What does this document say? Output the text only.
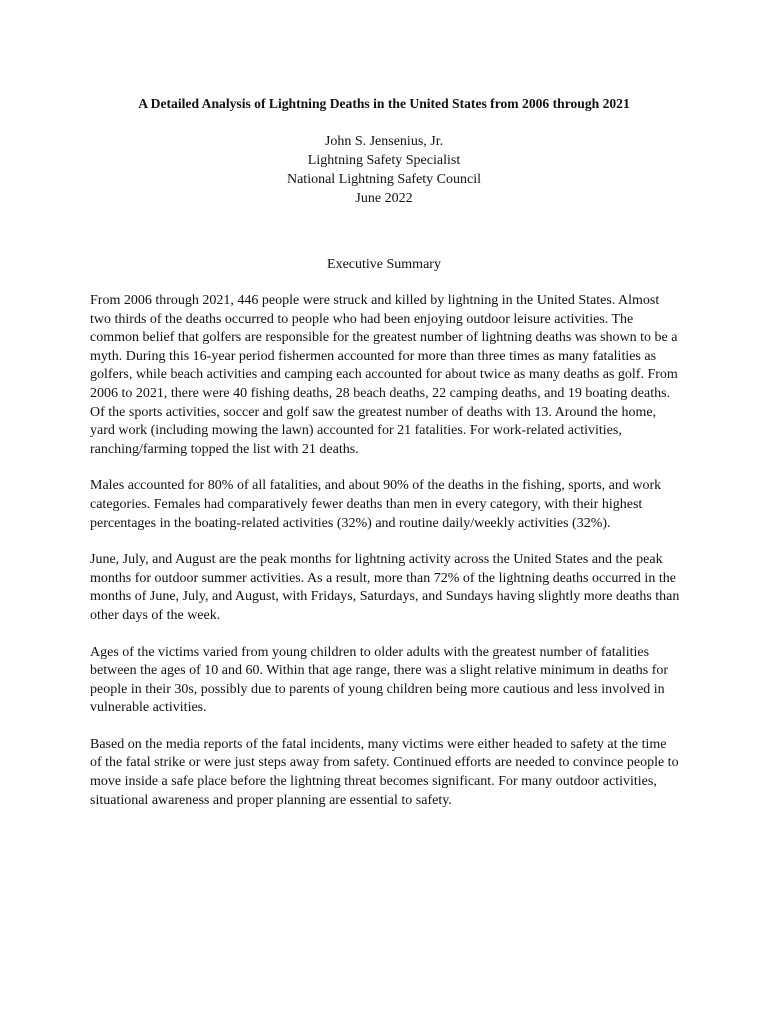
A Detailed Analysis of Lightning Deaths in the United States from 2006 through 2021
John S. Jensenius, Jr.
Lightning Safety Specialist
National Lightning Safety Council
June 2022
Executive Summary

From 2006 through 2021, 446 people were struck and killed by lightning in the United States. Almost two thirds of the deaths occurred to people who had been enjoying outdoor leisure activities. The common belief that golfers are responsible for the greatest number of lightning deaths was shown to be a myth. During this 16-year period fishermen accounted for more than three times as many fatalities as golfers, while beach activities and camping each accounted for about twice as many deaths as golf. From 2006 to 2021, there were 40 fishing deaths, 28 beach deaths, 22 camping deaths, and 19 boating deaths. Of the sports activities, soccer and golf saw the greatest number of deaths with 13. Around the home, yard work (including mowing the lawn) accounted for 21 fatalities. For work-related activities, ranching/farming topped the list with 21 deaths.

Males accounted for 80% of all fatalities, and about 90% of the deaths in the fishing, sports, and work categories. Females had comparatively fewer deaths than men in every category, with their highest percentages in the boating-related activities (32%) and routine daily/weekly activities (32%).

June, July, and August are the peak months for lightning activity across the United States and the peak months for outdoor summer activities. As a result, more than 72% of the lightning deaths occurred in the months of June, July, and August, with Fridays, Saturdays, and Sundays having slightly more deaths than other days of the week.

Ages of the victims varied from young children to older adults with the greatest number of fatalities between the ages of 10 and 60. Within that age range, there was a slight relative minimum in deaths for people in their 30s, possibly due to parents of young children being more cautious and less involved in vulnerable activities.

Based on the media reports of the fatal incidents, many victims were either headed to safety at the time of the fatal strike or were just steps away from safety. Continued efforts are needed to convince people to move inside a safe place before the lightning threat becomes significant. For many outdoor activities, situational awareness and proper planning are essential to safety.
